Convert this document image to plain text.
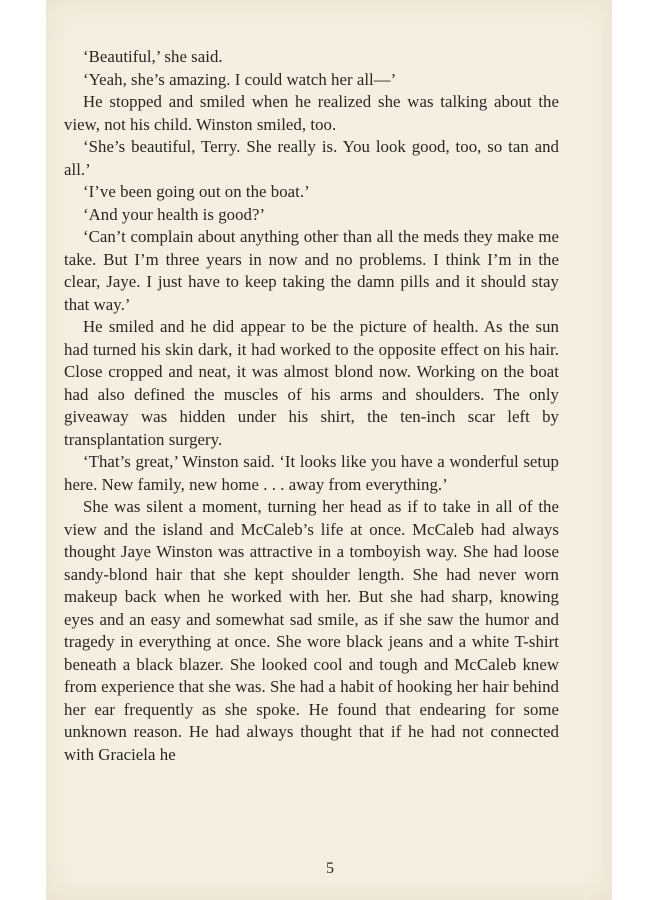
‘Beautiful,’ she said.

‘Yeah, she’s amazing. I could watch her all—’

He stopped and smiled when he realized she was talking about the view, not his child. Winston smiled, too.

‘She’s beautiful, Terry. She really is. You look good, too, so tan and all.’

‘I’ve been going out on the boat.’

‘And your health is good?’

‘Can’t complain about anything other than all the meds they make me take. But I’m three years in now and no problems. I think I’m in the clear, Jaye. I just have to keep taking the damn pills and it should stay that way.’

He smiled and he did appear to be the picture of health. As the sun had turned his skin dark, it had worked to the opposite effect on his hair. Close cropped and neat, it was almost blond now. Working on the boat had also defined the muscles of his arms and shoulders. The only giveaway was hidden under his shirt, the ten-inch scar left by transplantation surgery.

‘That’s great,’ Winston said. ‘It looks like you have a wonderful setup here. New family, new home . . . away from everything.’

She was silent a moment, turning her head as if to take in all of the view and the island and McCaleb’s life at once. McCaleb had always thought Jaye Winston was attractive in a tomboyish way. She had loose sandy-blond hair that she kept shoulder length. She had never worn makeup back when he worked with her. But she had sharp, knowing eyes and an easy and somewhat sad smile, as if she saw the humor and tragedy in everything at once. She wore black jeans and a white T-shirt beneath a black blazer. She looked cool and tough and McCaleb knew from experience that she was. She had a habit of hooking her hair behind her ear frequently as she spoke. He found that endearing for some unknown reason. He had always thought that if he had not connected with Graciela he

5
